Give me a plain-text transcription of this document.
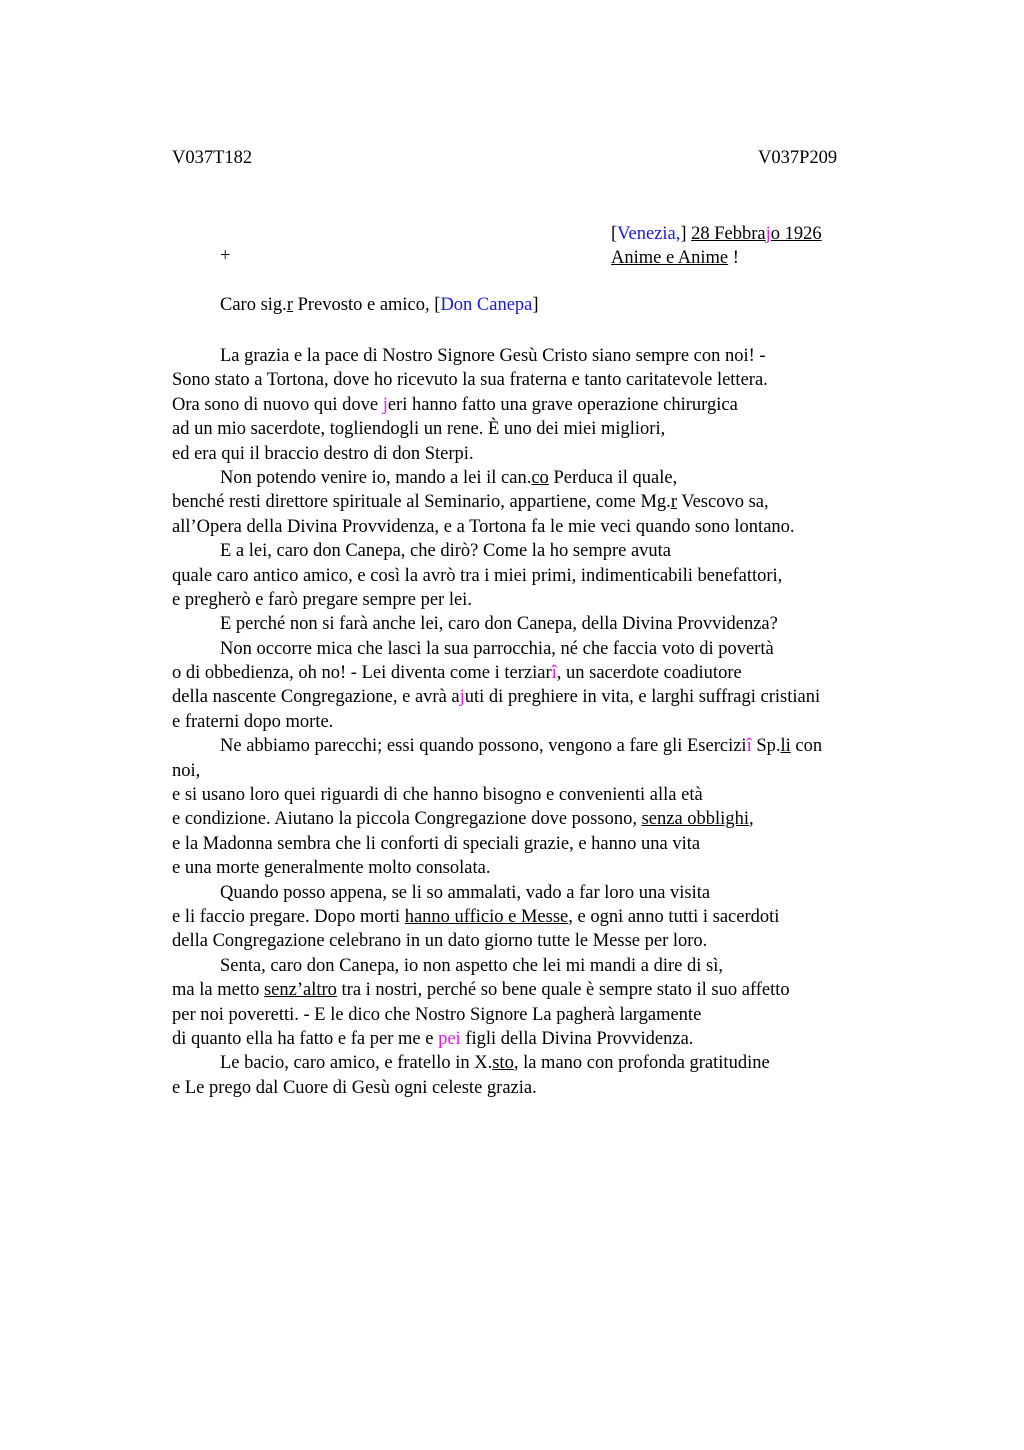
V037T182	V037P209
[Venezia,] 28 Febbrajo 1926
Anime e Anime !
+
Caro sig.r Prevosto e amico, [Don Canepa]
La grazia e la pace di Nostro Signore Gesù Cristo siano sempre con noi! -
Sono stato a Tortona, dove ho ricevuto la sua fraterna e tanto caritatevole lettera.
Ora sono di nuovo qui dove jeri hanno fatto una grave operazione chirurgica
ad un mio sacerdote, togliendogli un rene. È uno dei miei migliori,
ed era qui il braccio destro di don Sterpi.
Non potendo venire io, mando a lei il can.co Perduca il quale,
benché resti direttore spirituale al Seminario, appartiene, come Mg.r Vescovo sa,
all’Opera della Divina Provvidenza, e a Tortona fa le mie veci quando sono lontano.
E a lei, caro don Canepa, che dirò? Come la ho sempre avuta
quale caro antico amico, e così la avrò tra i miei primi, indimenticabili benefattori,
e pregherò e farò pregare sempre per lei.
E perché non si farà anche lei, caro don Canepa, della Divina Provvidenza?
Non occorre mica che lasci la sua parrocchia, né che faccia voto di povertà
o di obbedienza, oh no! - Lei diventa come i terziarî, un sacerdote coadiutore
della nascente Congregazione, e avrà ajuti di preghiere in vita, e larghi suffragi cristiani
e fraterni dopo morte.
Ne abbiamo parecchi; essi quando possono, vengono a fare gli Eserciziî Sp.li con
noi,
e si usano loro quei riguardi di che hanno bisogno e convenienti alla età
e condizione. Aiutano la piccola Congregazione dove possono, senza obblighi,
e la Madonna sembra che li conforti di speciali grazie, e hanno una vita
e una morte generalmente molto consolata.
Quando posso appena, se li so ammalati, vado a far loro una visita
e li faccio pregare. Dopo morti hanno ufficio e Messe, e ogni anno tutti i sacerdoti
della Congregazione celebrano in un dato giorno tutte le Messe per loro.
Senta, caro don Canepa, io non aspetto che lei mi mandi a dire di sì,
ma la metto senz’altro tra i nostri, perché so bene quale è sempre stato il suo affetto
per noi poveretti. - E le dico che Nostro Signore La pagherà largamente
di quanto ella ha fatto e fa per me e pei figli della Divina Provvidenza.
Le bacio, caro amico, e fratello in X.sto, la mano con profonda gratitudine
e Le prego dal Cuore di Gesù ogni celeste grazia.
